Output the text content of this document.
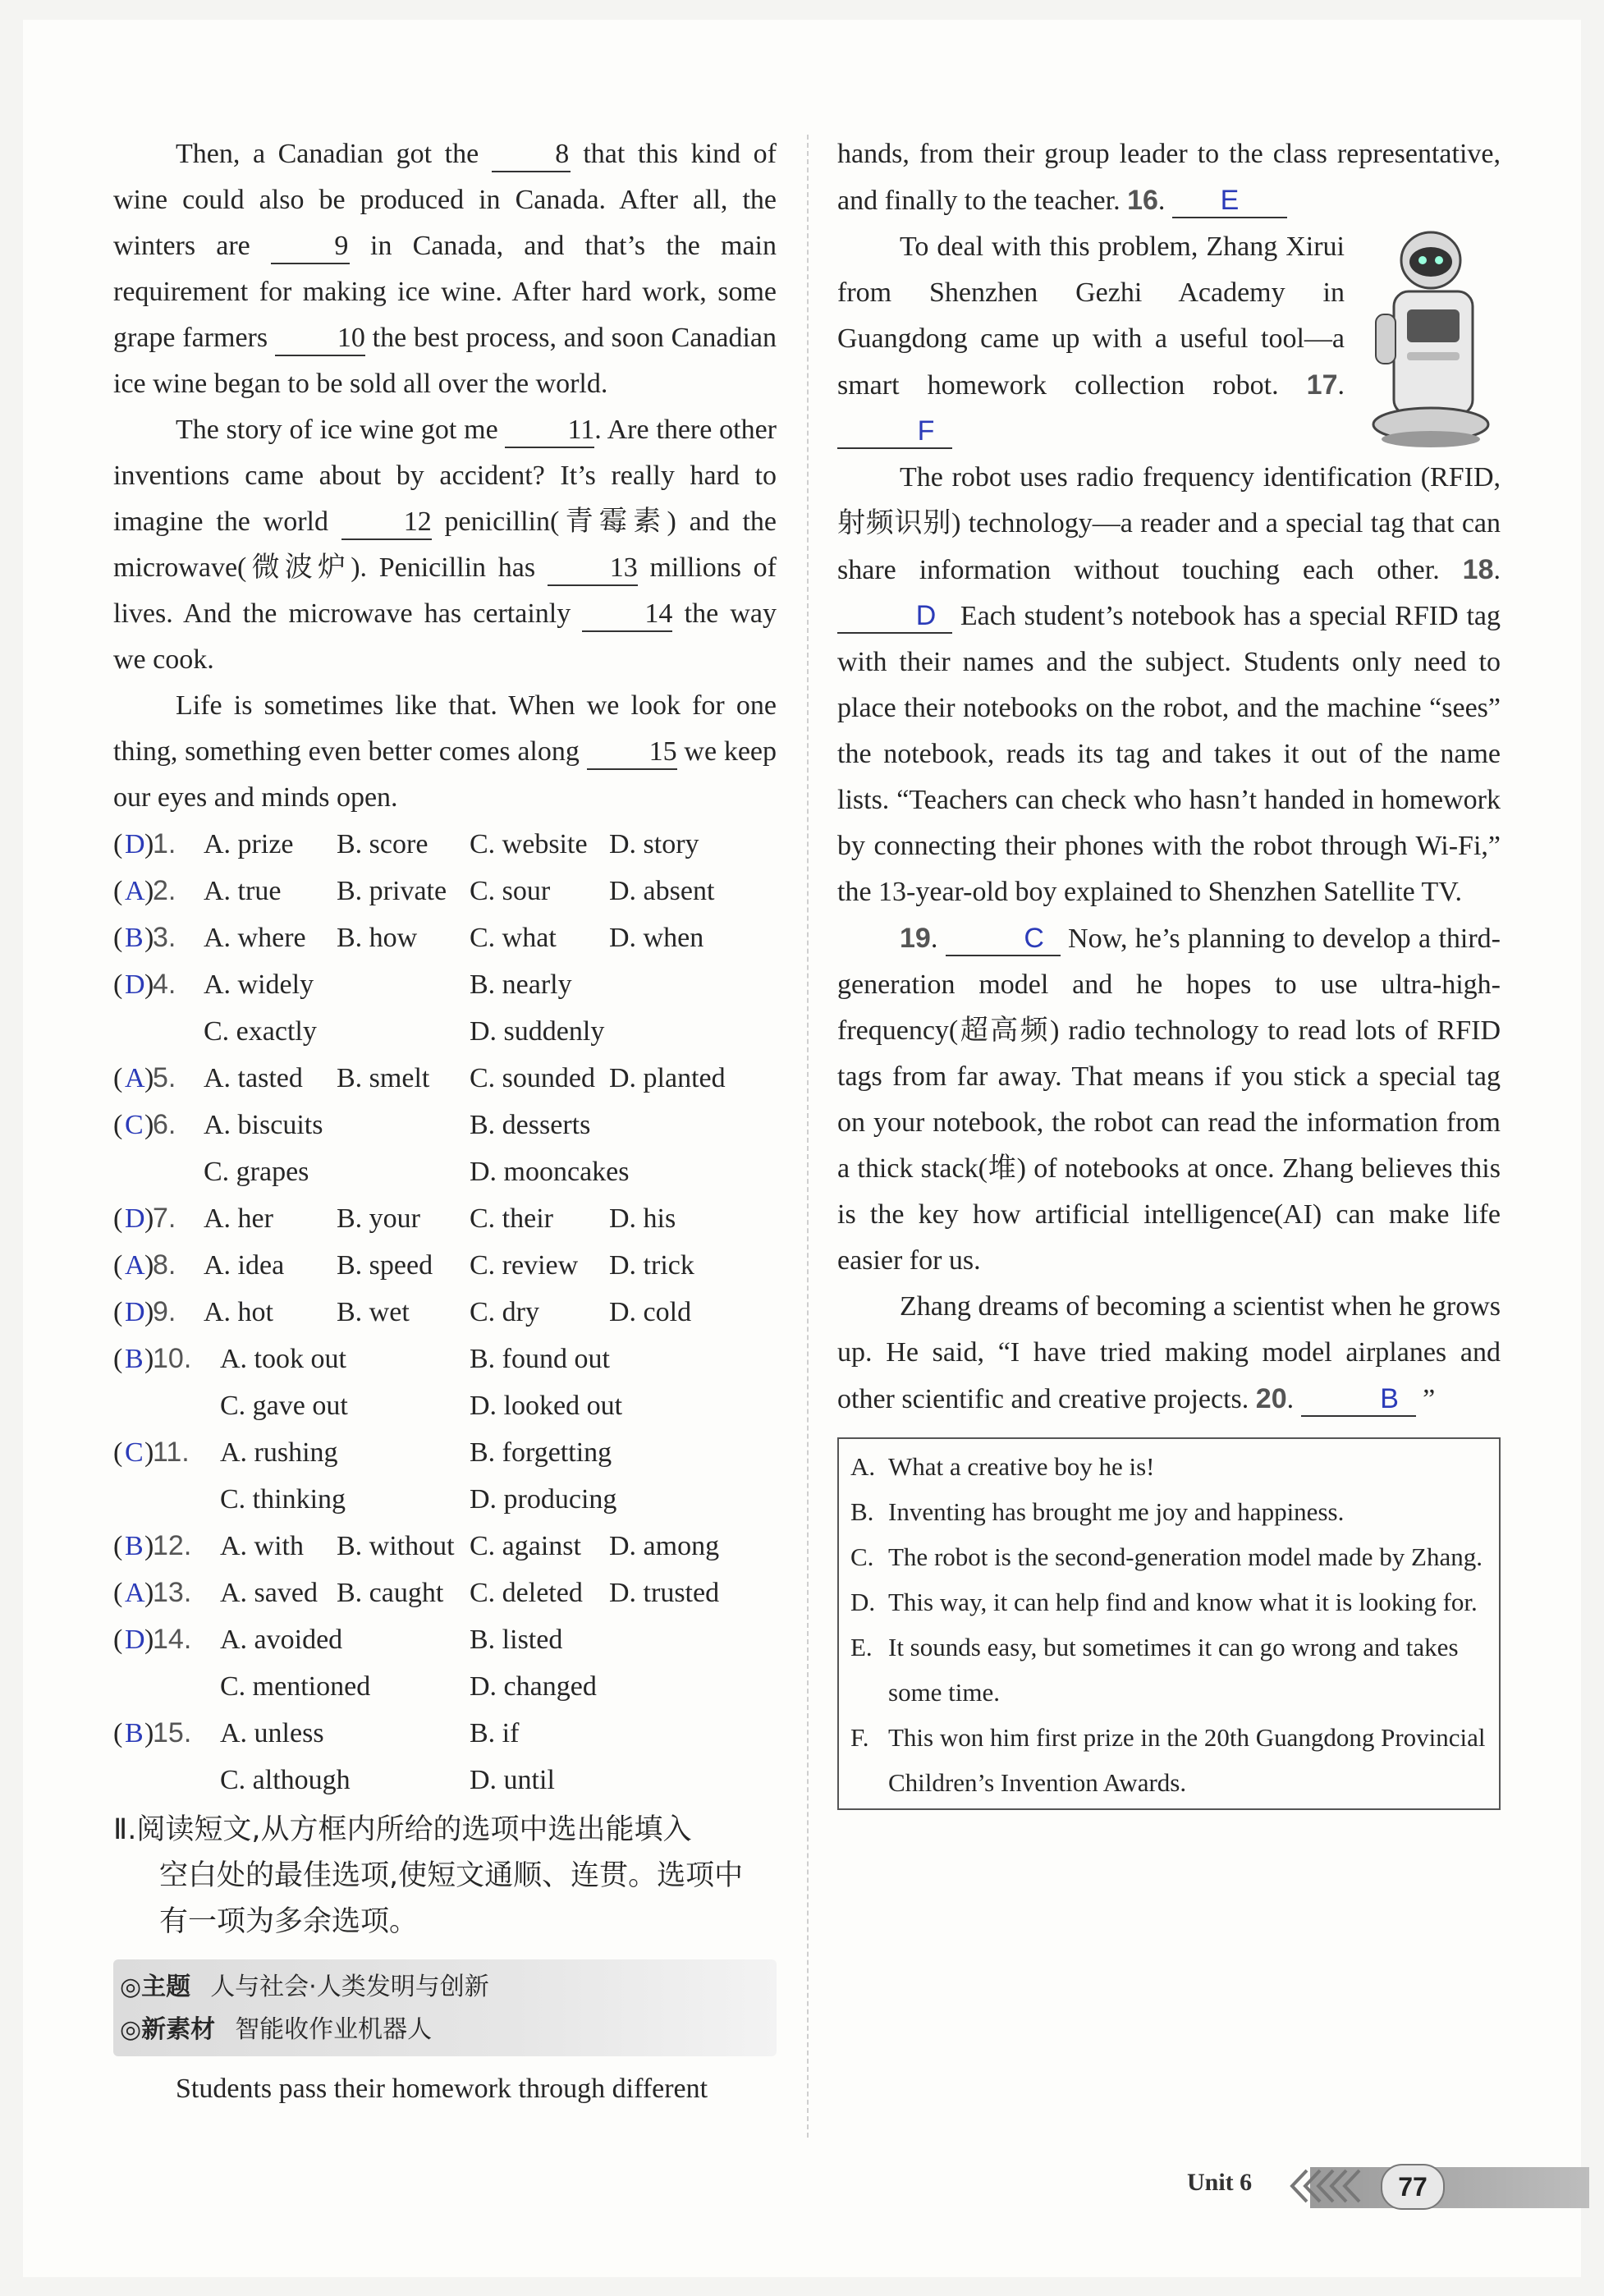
Then, a Canadian got the 8 that this kind of wine could also be produced in Canada. After all, the winters are 9 in Canada, and that’s the main requirement for making ice wine. After hard work, some grape farmers 10 the best process, and soon Canadian ice wine began to be sold all over the world.

The story of ice wine got me 11. Are there other inventions came about by accident? It’s really hard to imagine the world 12 penicillin(青霉素) and the microwave(微波炉). Penicillin has 13 millions of lives. And the microwave has certainly 14 the way we cook.

Life is sometimes like that. When we look for one thing, something even better comes along 15 we keep our eyes and minds open.

( D )
1. A. prize B. score C. website D. story
( A )
2. A. true B. private C. sour D. absent
( B )
3. A. where B. how C. what D. when
( D )
4. A. widely	B. nearly
C. exactly	D. suddenly
( A )
5. A. tasted B. smelt C. sounded D. planted
( C )
6. A. biscuits	B. desserts
C. grapes	D. mooncakes
( D )
7. A. her B. your C. their D. his
( A )
8. A. idea B. speed C. review D. trick
( D )
9. A. hot B. wet C. dry	D. cold
( B )
10. A. took out	B. found out
C. gave out	D. looked out
( C )
11. A. rushing	B. forgetting
C. thinking	D. producing
( B )
12. A. with B. without C. against D. among
( A )
13. A. saved B. caught C. deleted D. trusted
( D )
14. A. avoided	B. listed
C. mentioned	D. changed
( B )
15. A. unless	B. if
C. although	D. until
Ⅱ.阅读短文,从方框内所给的选项中选出能填入
空白处的最佳选项,使短文通顺、连贯。选项中
有一项为多余选项。
◎主题 人与社会·人类发明与创新
◎新素材 智能收作业机器人

Students pass their homework through different

hands, from their group leader to the class representative, and finally to the teacher. 16. E

To deal with this problem, Zhang Xirui from Shenzhen Gezhi Academy in Guangdong came up with a useful tool—a smart homework collection robot. 17. F

The robot uses radio frequency identification (RFID, 射频识别) technology—a reader and a special tag that can share information without touching each other. 18. D Each student’s notebook has a special RFID tag with their names and the subject. Students only need to place their notebooks on the robot, and the machine “sees” the notebook, reads its tag and takes it out of the name lists. “Teachers can check who hasn’t handed in homework by connecting their phones with the robot through Wi-Fi,” the 13-year-old boy explained to Shenzhen Satellite TV.

19.	C Now, he’s planning to develop a third-generation model and he hopes to use ultra-high-frequency(超高频) radio technology to read lots of RFID tags from far away. That means if you stick a special tag on your notebook, the robot can read the information from a thick stack(堆) of notebooks at once. Zhang believes this is the key how artificial intelligence(AI) can make life easier for us.

Zhang dreams of becoming a scientist when he grows up. He said, “I have tried making model airplanes and other scientific and creative projects. 20.	B ”

A. What a creative boy he is!
B. Inventing has brought me joy and happiness.
C. The robot is the second-generation model made by Zhang.
D. This way, it can help find and know what it is looking for.
E. It sounds easy, but sometimes it can go wrong and takes some time.
F. This won him first prize in the 20th Guangdong Provincial Children’s Invention Awards.
Unit 6	77
